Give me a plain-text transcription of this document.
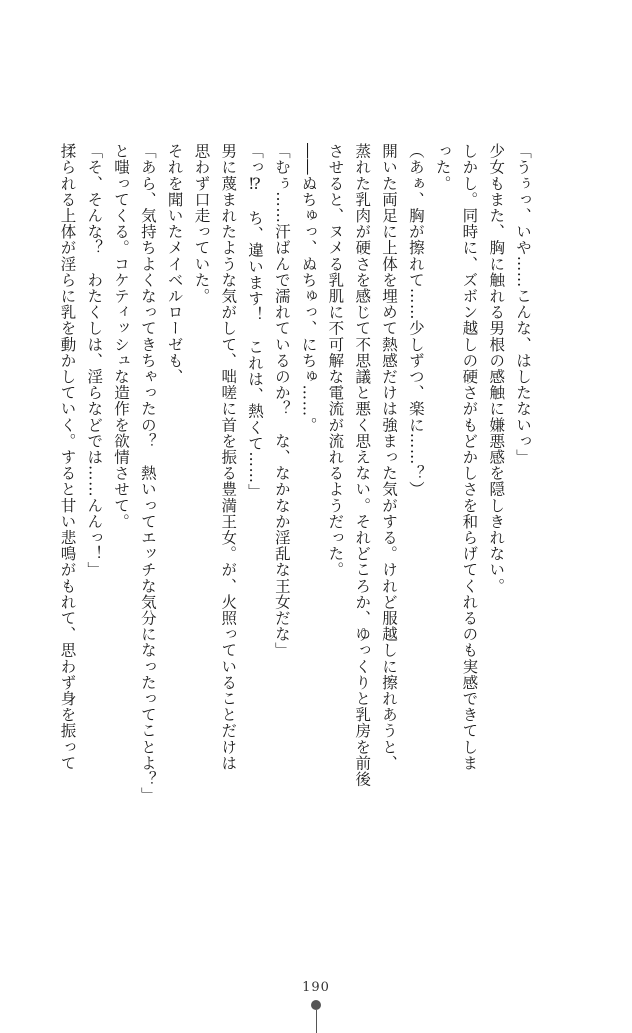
「うぅっ、いや……こんな、はしたないっ」

少女もまた、胸に触れる男根の感触に嫌悪感を隠しきれない。

しかし。同時に、ズボン越しの硬さがもどかしさを和らげてくれるのも実感できてしま

った。

（あぁ、胸が擦れて……少しずつ、楽に……？）

開いた両足に上体を埋めて熱感だけは強まった気がする。けれど服越しに擦れあうと、

蒸れた乳肉が硬さを感じて不思議と悪く思えない。それどころか、ゆっくりと乳房を前後

させると、ヌメる乳肌に不可解な電流が流れるようだった。

――ぬちゅっ、ぬちゅっ、にちゅ……。

「むぅ……汗ばんで濡れているのか？　な、なかなか淫乱な王女だな」

「っ⁉　ち、違います！　これは、熱くて……」

男に蔑まれたような気がして、咄嗟に首を振る豊満王女。が、火照っていることだけは

思わず口走っていた。

それを聞いたメイベルローゼも、

「あら、気持ちよくなってきちゃったの？　熱いってエッチな気分になったってことよ？」

と嗤ってくる。コケティッシュな造作を欲情させて。

「そ、そんな？　わたくしは、淫らなどでは……んんっ！」

揉られる上体が淫らに乳を動かしていく。すると甘い悲鳴がもれて、思わず身を振って

190
